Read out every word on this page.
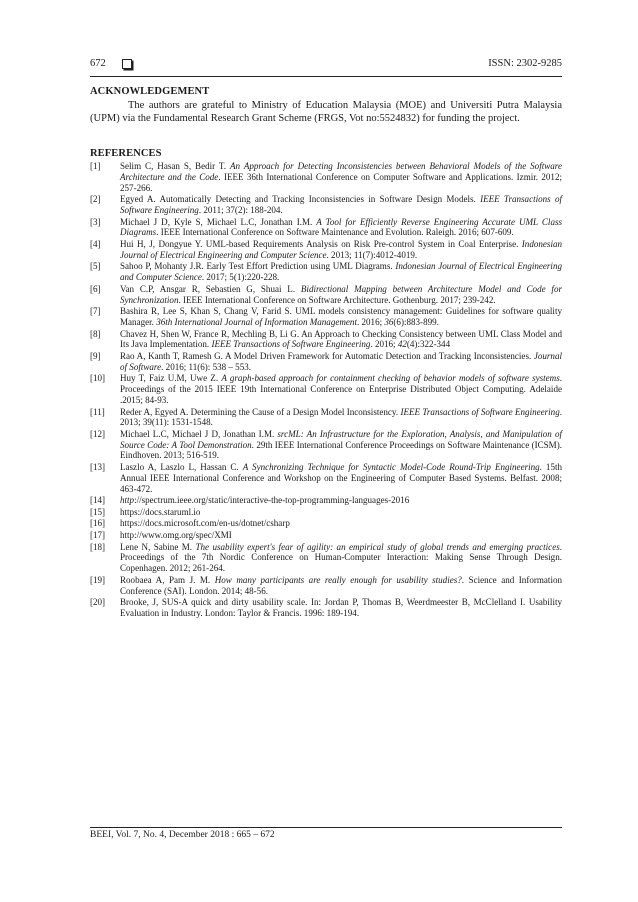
672	ISSN: 2302-9285
ACKNOWLEDGEMENT

The authors are grateful to Ministry of Education Malaysia (MOE) and Universiti Putra Malaysia (UPM) via the Fundamental Research Grant Scheme (FRGS, Vot no:5524832) for funding the project.

REFERENCES
[1] Selim C, Hasan S, Bedir T. An Approach for Detecting Inconsistencies between Behavioral Models of the Software Architecture and the Code. IEEE 36th International Conference on Computer Software and Applications. Izmir. 2012; 257-266.
[2] Egyed A. Automatically Detecting and Tracking Inconsistencies in Software Design Models. IEEE Transactions of Software Engineering. 2011; 37(2): 188-204.
[3] Michael J D, Kyle S, Michael L.C, Jonathan I.M. A Tool for Efficiently Reverse Engineering Accurate UML Class Diagrams. IEEE International Conference on Software Maintenance and Evolution. Raleigh. 2016; 607-609.
[4] Hui H, J, Dongyue Y. UML-based Requirements Analysis on Risk Pre-control System in Coal Enterprise. Indonesian Journal of Electrical Engineering and Computer Science. 2013; 11(7):4012-4019.
[5] Sahoo P, Mohanty J.R. Early Test Effort Prediction using UML Diagrams. Indonesian Journal of Electrical Engineering and Computer Science. 2017; 5(1):220-228.
[6] Van C.P, Ansgar R, Sebastien G, Shuai L. Bidirectional Mapping between Architecture Model and Code for Synchronization. IEEE International Conference on Software Architecture. Gothenburg. 2017; 239-242.
[7] Bashira R, Lee S, Khan S, Chang V, Farid S. UML models consistency management: Guidelines for software quality Manager. 36th International Journal of Information Management. 2016; 36(6):883-899.
[8] Chavez H, Shen W, France R, Mechling B, Li G. An Approach to Checking Consistency between UML Class Model and Its Java Implementation. IEEE Transactions of Software Engineering. 2016; 42(4):322-344
[9] Rao A, Kanth T, Ramesh G. A Model Driven Framework for Automatic Detection and Tracking Inconsistencies. Journal of Software. 2016; 11(6): 538 – 553.
[10] Huy T, Faiz U.M, Uwe Z. A graph-based approach for containment checking of behavior models of software systems. Proceedings of the 2015 IEEE 19th International Conference on Enterprise Distributed Object Computing. Adelaide .2015; 84-93.
[11] Reder A, Egyed A. Determining the Cause of a Design Model Inconsistency. IEEE Transactions of Software Engineering. 2013; 39(11): 1531-1548.
[12] Michael L.C, Michael J D, Jonathan I.M. srcML: An Infrastructure for the Exploration, Analysis, and Manipulation of Source Code: A Tool Demonstration. 29th IEEE International Conference Proceedings on Software Maintenance (ICSM). Eindhoven. 2013; 516-519.
[13] Laszlo A, Laszlo L, Hassan C. A Synchronizing Technique for Syntactic Model-Code Round-Trip Engineering. 15th Annual IEEE International Conference and Workshop on the Engineering of Computer Based Systems. Belfast. 2008; 463-472.
[14] http://spectrum.ieee.org/static/interactive-the-top-programming-languages-2016
[15] https://docs.staruml.io
[16] https://docs.microsoft.com/en-us/dotnet/csharp
[17] http://www.omg.org/spec/XMI
[18] Lene N, Sabine M. The usability expert's fear of agility: an empirical study of global trends and emerging practices. Proceedings of the 7th Nordic Conference on Human-Computer Interaction: Making Sense Through Design. Copenhagen. 2012; 261-264.
[19] Roobaea A, Pam J. M. How many participants are really enough for usability studies?. Science and Information Conference (SAI). London. 2014; 48-56.
[20] Brooke, J, SUS-A quick and dirty usability scale. In: Jordan P, Thomas B, Weerdmeester B, McClelland I. Usability Evaluation in Industry. London: Taylor & Francis. 1996: 189-194.
BEEI, Vol. 7, No. 4, December 2018 : 665 – 672
